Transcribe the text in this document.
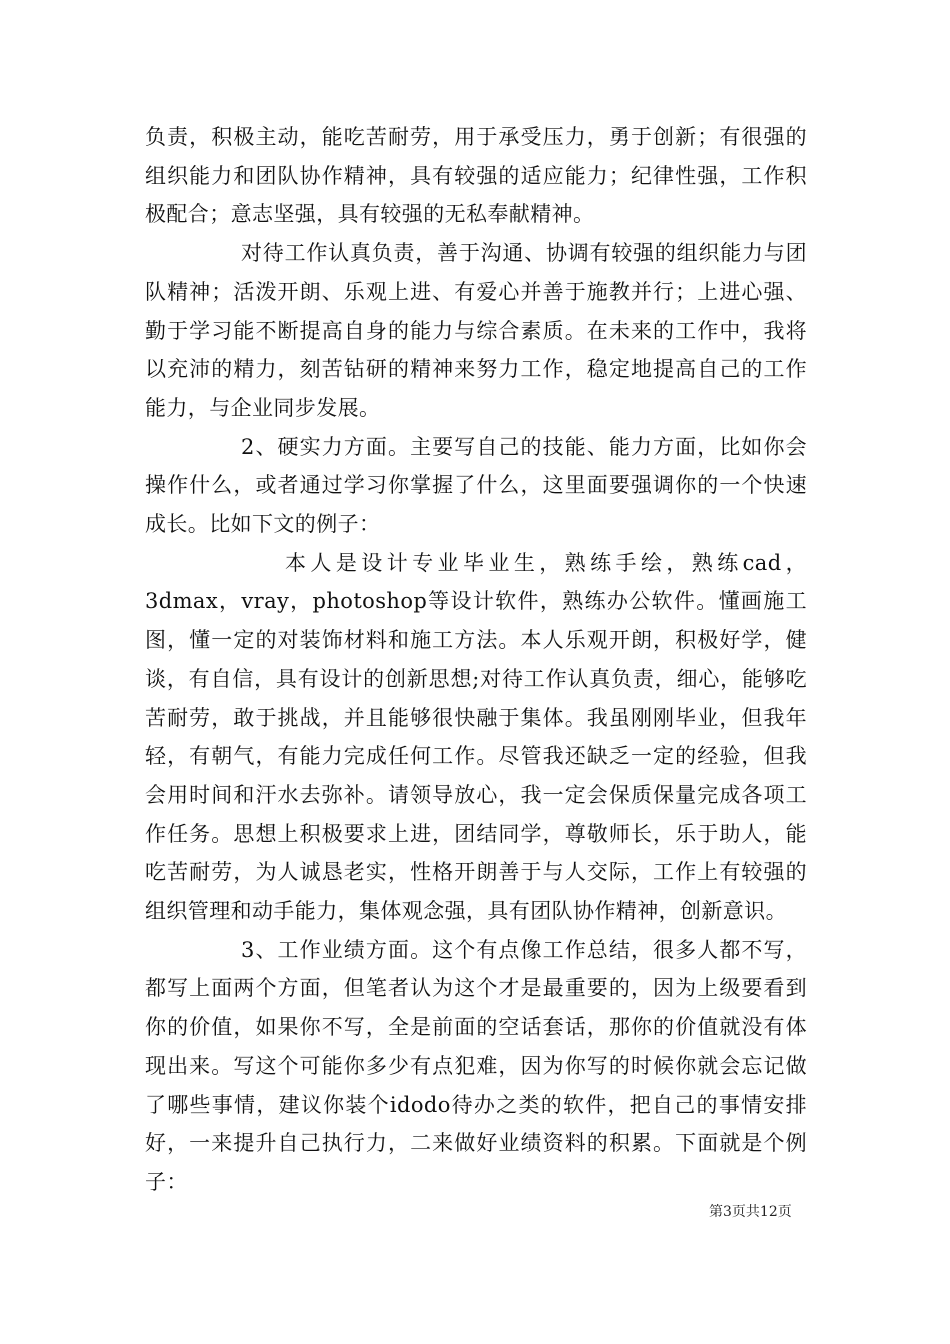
负责，积极主动，能吃苦耐劳，用于承受压力，勇于创新；有很强的组织能力和团队协作精神，具有较强的适应能力；纪律性强，工作积极配合；意志坚强，具有较强的无私奉献精神。

对待工作认真负责，善于沟通、协调有较强的组织能力与团队精神；活泼开朗、乐观上进、有爱心并善于施教并行；上进心强、勤于学习能不断提高自身的能力与综合素质。在未来的工作中，我将以充沛的精力，刻苦钻研的精神来努力工作，稳定地提高自己的工作能力，与企业同步发展。

2、硬实力方面。主要写自己的技能、能力方面，比如你会操作什么，或者通过学习你掌握了什么，这里面要强调你的一个快速成长。比如下文的例子：

本人是设计专业毕业生，熟练手绘，熟练cad，3dmax，vray，photoshop等设计软件，熟练办公软件。懂画施工图，懂一定的对装饰材料和施工方法。本人乐观开朗，积极好学，健谈，有自信，具有设计的创新思想;对待工作认真负责，细心，能够吃苦耐劳，敢于挑战，并且能够很快融于集体。我虽刚刚毕业，但我年轻，有朝气，有能力完成任何工作。尽管我还缺乏一定的经验，但我会用时间和汗水去弥补。请领导放心，我一定会保质保量完成各项工作任务。思想上积极要求上进，团结同学，尊敬师长，乐于助人，能吃苦耐劳，为人诚恳老实，性格开朗善于与人交际，工作上有较强的组织管理和动手能力，集体观念强，具有团队协作精神，创新意识。

3、工作业绩方面。这个有点像工作总结，很多人都不写，都写上面两个方面，但笔者认为这个才是最重要的，因为上级要看到你的价值，如果你不写，全是前面的空话套话，那你的价值就没有体现出来。写这个可能你多少有点犯难，因为你写的时候你就会忘记做了哪些事情，建议你装个idodo待办之类的软件，把自己的事情安排好，一来提升自己执行力，二来做好业绩资料的积累。下面就是个例子：

第3页共12页
